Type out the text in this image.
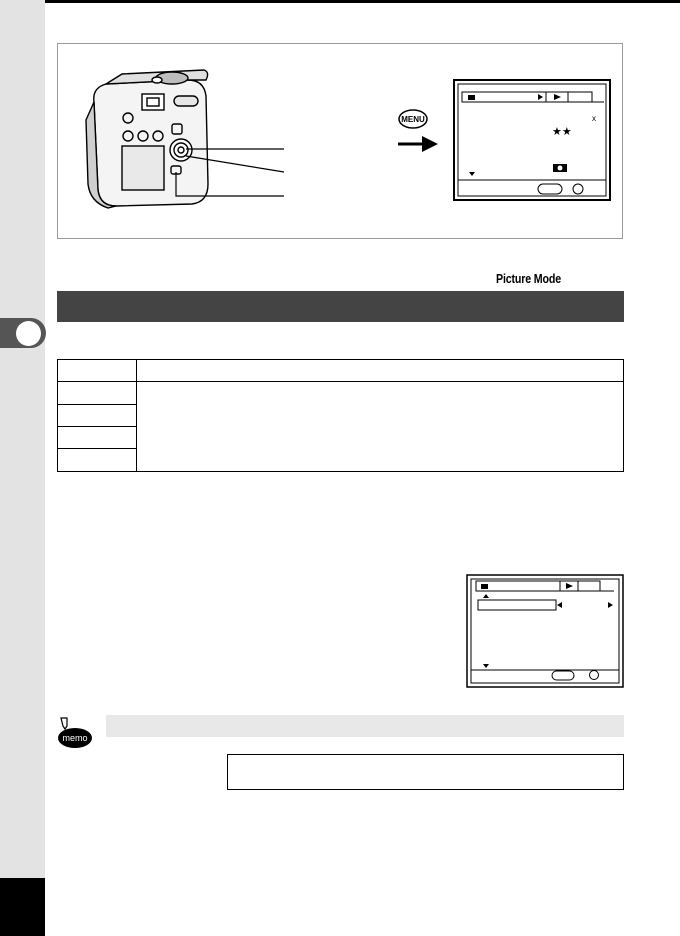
MENU	x
★★
Picture Mode

memo
